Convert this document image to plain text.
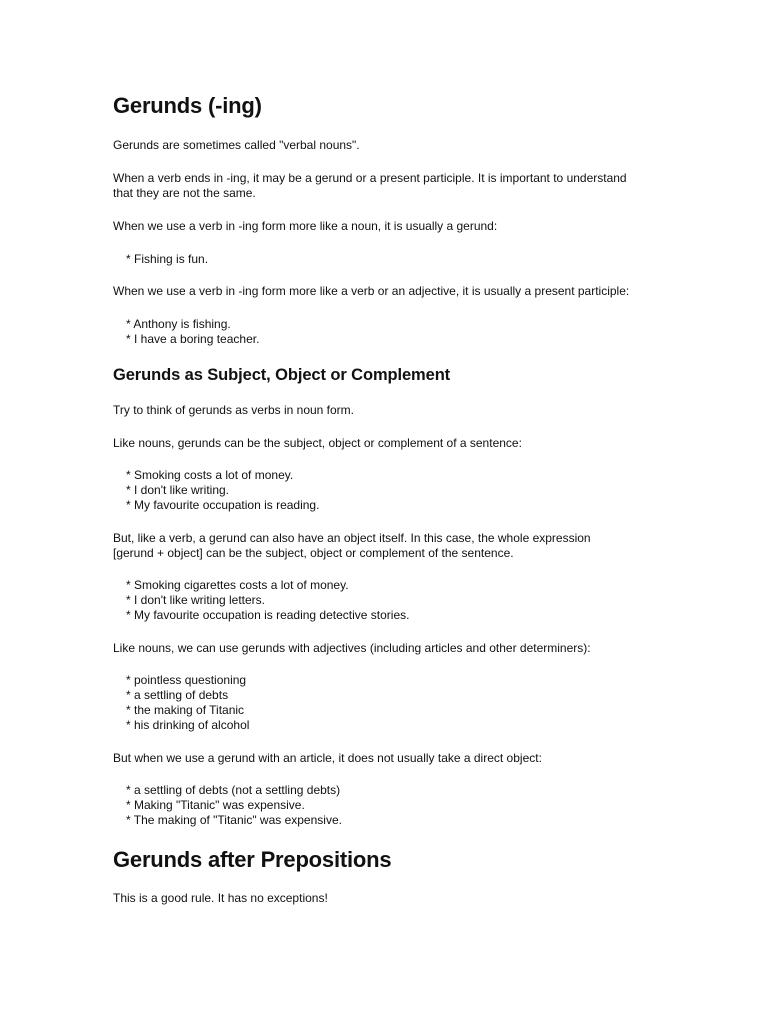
Gerunds (-ing)

Gerunds are sometimes called "verbal nouns".

When a verb ends in -ing, it may be a gerund or a present participle. It is important to understand

that they are not the same.

When we use a verb in -ing form more like a noun, it is usually a gerund:

* Fishing is fun.

When we use a verb in -ing form more like a verb or an adjective, it is usually a present participle:

* Anthony is fishing.
* I have a boring teacher.
Gerunds as Subject, Object or Complement

Try to think of gerunds as verbs in noun form.

Like nouns, gerunds can be the subject, object or complement of a sentence:

* Smoking costs a lot of money.
* I don't like writing.
* My favourite occupation is reading.

But, like a verb, a gerund can also have an object itself. In this case, the whole expression

[gerund + object] can be the subject, object or complement of the sentence.

* Smoking cigarettes costs a lot of money.
* I don't like writing letters.
* My favourite occupation is reading detective stories.

Like nouns, we can use gerunds with adjectives (including articles and other determiners):

* pointless questioning
* a settling of debts
* the making of Titanic
* his drinking of alcohol

But when we use a gerund with an article, it does not usually take a direct object:

* a settling of debts (not a settling debts)
* Making "Titanic" was expensive.
* The making of "Titanic" was expensive.
Gerunds after Prepositions

This is a good rule. It has no exceptions!
